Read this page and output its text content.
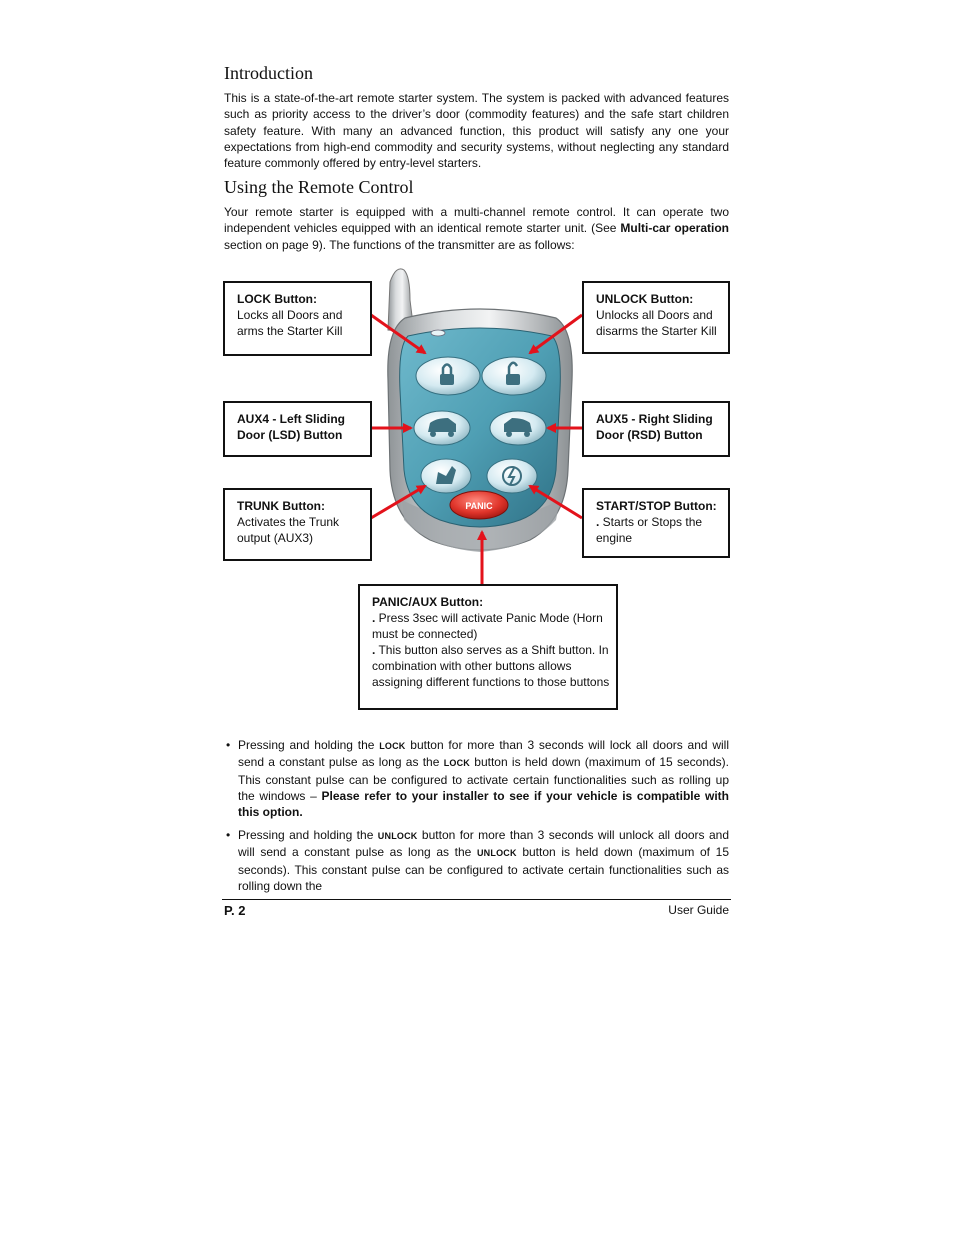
Introduction

This is a state-of-the-art remote starter system. The system is packed with advanced features such as priority access to the driver’s door (commodity features) and the safe start children safety feature. With many an advanced function, this product will satisfy any one your expectations from high-end commodity and security systems, without neglecting any standard feature commonly offered by entry-level starters.

Using the Remote Control

Your remote starter is equipped with a multi-channel remote control. It can operate two independent vehicles equipped with an identical remote starter unit. (See Multi-car operation section on page 9). The functions of the transmitter are as follows:

PANIC
LOCK Button:
Locks all Doors and
arms the Starter Kill
UNLOCK Button:
Unlocks all Doors and
disarms the Starter Kill
AUX4 - Left Sliding
Door (LSD) Button
AUX5 - Right Sliding
Door (RSD) Button
TRUNK Button:
Activates the Trunk
output (AUX3)
START/STOP Button:
. Starts or Stops the
engine
PANIC/AUX Button:
. Press 3sec will activate Panic Mode (Horn
must be connected)
. This button also serves as a Shift button. In
combination with other buttons allows
assigning different functions to those buttons
• Pressing and holding the LOCK button for more than 3 seconds will lock all doors and will send a constant pulse as long as the LOCK button is held down (maximum of 15 seconds). This constant pulse can be configured to activate certain functionalities such as rolling up the windows – Please refer to your installer to see if your vehicle is compatible with this option.
• Pressing and holding the UNLOCK button for more than 3 seconds will unlock all doors and will send a constant pulse as long as the UNLOCK button is held down (maximum of 15 seconds). This constant pulse can be configured to activate certain functionalities such as rolling down the
P. 2	User Guide
